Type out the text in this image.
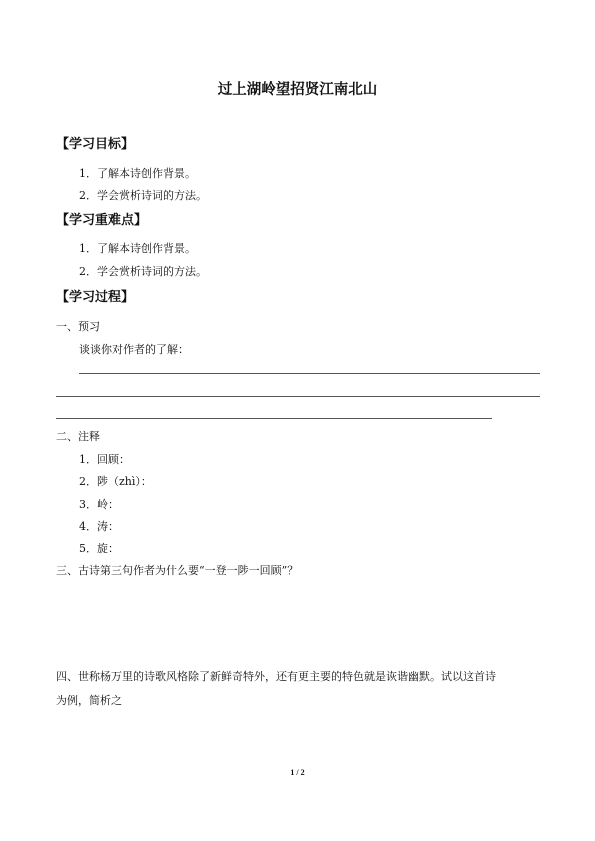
过上湖岭望招贤江南北山
【学习目标】
1．了解本诗创作背景。
2．学会赏析诗词的方法。
【学习重难点】
1．了解本诗创作背景。
2．学会赏析诗词的方法。
【学习过程】
一、预习
谈谈你对作者的了解：
二、注释
1．回顾：
2．陟（zhì）：
3．岭：
4．涛：
5．旋：
三、古诗第三句作者为什么要“一登一陟一回顾”？
四、世称杨万里的诗歌风格除了新鲜奇特外，还有更主要的特色就是诙谐幽默。试以这首诗
为例，简析之
1 / 2
